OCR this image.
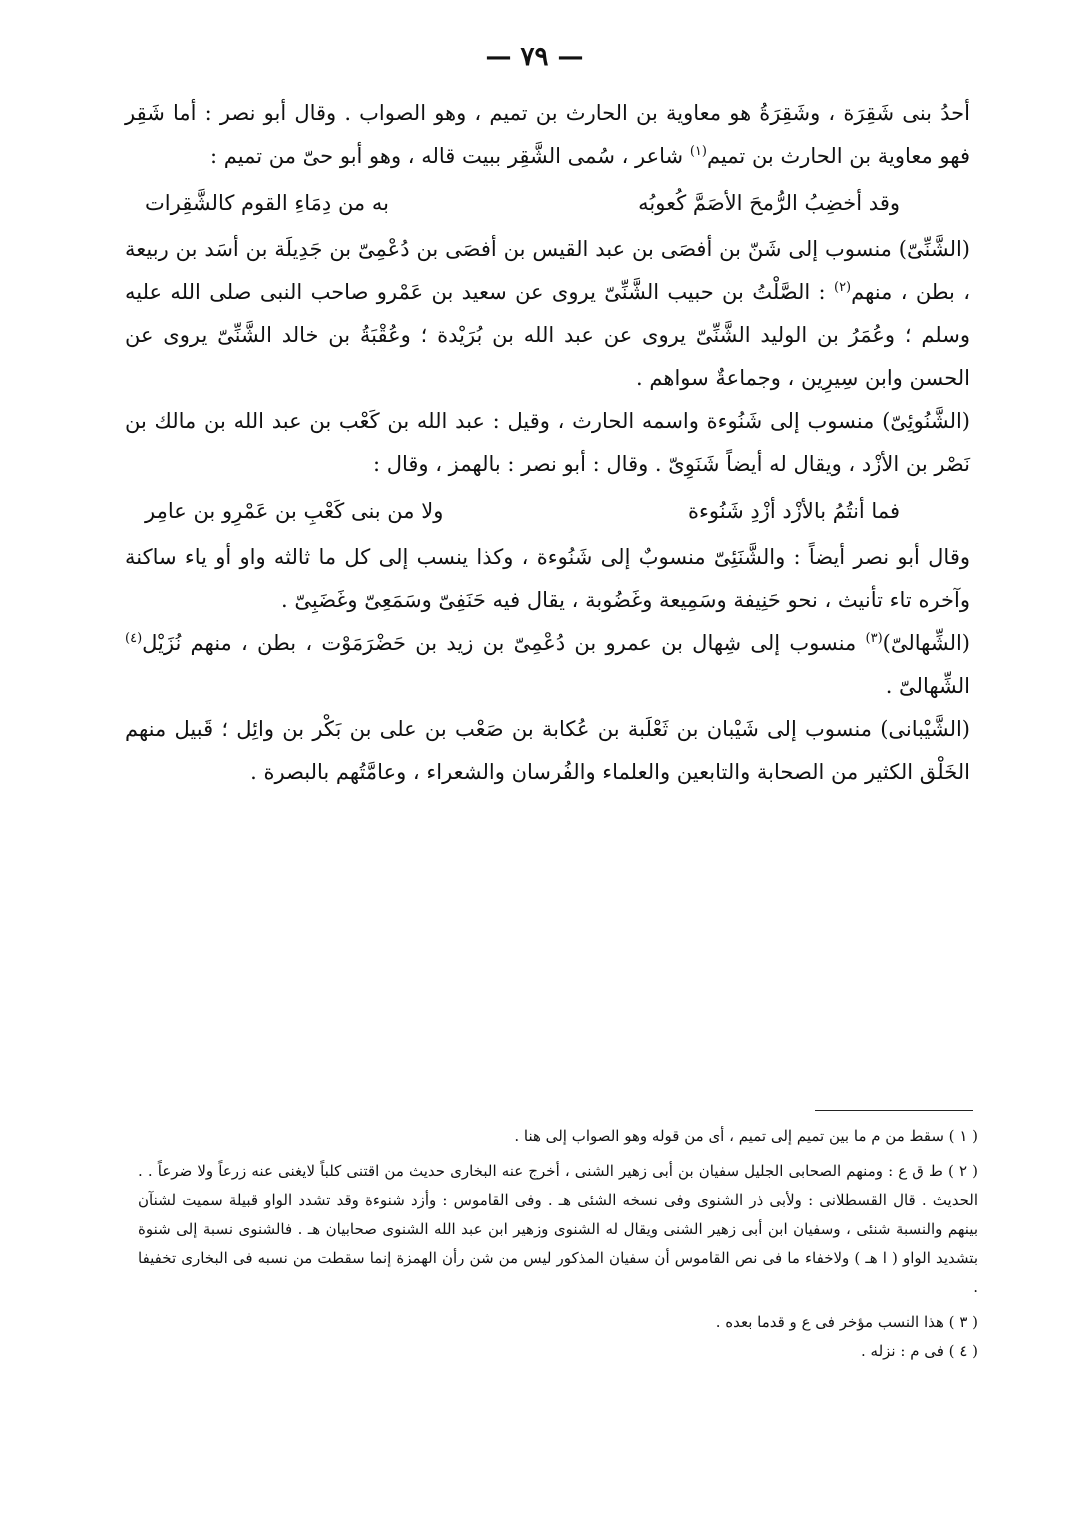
— ٧٩ —

أحدُ بنى شَقِرَة ، وشَقِرَةُ هو معاوية بن الحارث بن تميم ، وهو الصواب . وقال أبو نصر : أما شَقِر فهو معاوية بن الحارث بن تميم$^{(١)}$ شاعر ، سُمى الشَّقِر ببيت قاله ، وهو أبو حىّ من تميم :

وقد أخضِبُ الرُّمحَ الأصَمَّ كُعوبُه
به من دِمَاءِ القوم كالشَّقِرات

(الشَّنِّىّ) منسوب إلى شَنّ بن أفصَى بن عبد القيس بن أفصَى بن دُعْمِىّ بن جَدِيلَة بن أسَد بن ربيعة ، بطن ، منهم$^{(٢)}$ : الصَّلْتُ بن حبيب الشَّنِّىّ يروى عن سعيد بن عَمْرو صاحب النبى صلى الله عليه وسلم ؛ وعُمَرُ بن الوليد الشَّنِّىّ يروى عن عبد الله بن بُرَيْدة ؛ وعُقْبَةُ بن خالد الشَّنِّىّ يروى عن الحسن وابن سِيرِين ، وجماعةٌ سواهم .

(الشَّنُوئِىّ) منسوب إلى شَنُوءة واسمه الحارث ، وقيل : عبد الله بن كَعْب بن عبد الله بن مالك بن نَصْر بن الأزْد ، ويقال له أيضاً شَنَوِىّ . وقال : أبو نصر : بالهمز ، وقال :

فما أنتُمُ بالأزْد أزْدِ شَنُوءة
ولا من بنى كَعْبِ بن عَمْرِو بن عامِر

وقال أبو نصر أيضاً : والشَّنَئِىّ منسوبٌ إلى شَنُوءة ، وكذا ينسب إلى كل ما ثالثه واو أو ياء ساكنة وآخره تاء تأنيث ، نحو حَنِيفة وسَمِيعة وغَضُوبة ، يقال فيه حَنَفِىّ وسَمَعِىّ وغَضَبِىّ .

(الشِّهالىّ)$^{(٣)}$ منسوب إلى شِهال بن عمرو بن دُعْمِىّ بن زيد بن حَضْرَمَوْت ، بطن ، منهم نُزَيْل$^{(٤)}$ الشِّهالىّ .

(الشَّيْبانى) منسوب إلى شَيْبان بن ثَعْلَبة بن عُكابة بن صَعْب بن على بن بَكْر بن وائِل ؛ قَبيل منهم الخَلْق الكثير من الصحابة والتابعين والعلماء والفُرسان والشعراء ، وعامَّتُهم بالبصرة .

( ١ ) سقط من م ما بين تميم إلى تميم ، أى من قوله وهو الصواب إلى هنا .

( ٢ ) ط ق ع : ومنهم الصحابى الجليل سفيان بن أبى زهير الشنى ، أخرج عنه البخارى حديث من اقتنى كلباً لايغنى عنه زرعاً ولا ضرعاً . . الحديث . قال القسطلانى : ولأبى ذر الشنوى وفى نسخه الشئى هـ . وفى القاموس : وأزد شنوءة وقد تشدد الواو قبيلة سميت لشنآن بينهم والنسبة شنئى ، وسفيان ابن أبى زهير الشنى ويقال له الشنوى وزهير ابن عبد الله الشنوى صحابيان هـ . فالشنوى نسبة إلى شنوة بتشديد الواو ( ا هـ ) ولاخفاء ما فى نص القاموس أن سفيان المذكور ليس من شن رأن الهمزة إنما سقطت من نسبه فى البخارى تخفيفا .

( ٣ ) هذا النسب مؤخر فى ع و قدما بعده .

( ٤ ) فى م : نزله .
